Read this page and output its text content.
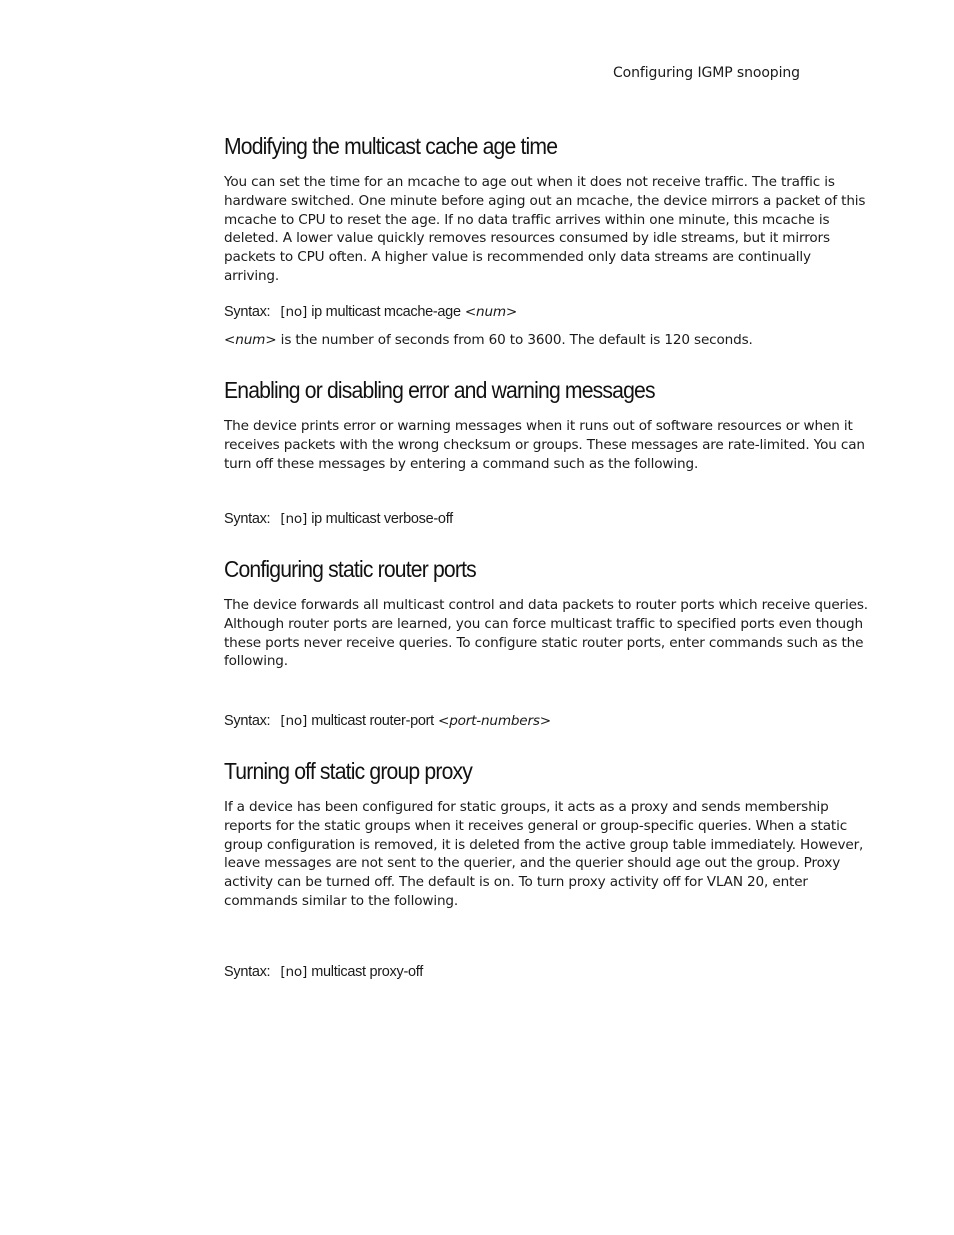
Configuring IGMP snooping
Modifying the multicast cache age time

You can set the time for an mcache to age out when it does not receive traffic. The traffic is hardware switched. One minute before aging out an mcache, the device mirrors a packet of this mcache to CPU to reset the age. If no data traffic arrives within one minute, this mcache is deleted. A lower value quickly removes resources consumed by idle streams, but it mirrors packets to CPU often. A higher value is recommended only data streams are continually arriving.

Syntax: [no] ip multicast mcache-age <num>
<num> is the number of seconds from 60 to 3600. The default is 120 seconds.
Enabling or disabling error and warning messages

The device prints error or warning messages when it runs out of software resources or when it receives packets with the wrong checksum or groups. These messages are rate-limited. You can turn off these messages by entering a command such as the following.

Syntax: [no] ip multicast verbose-off
Configuring static router ports

The device forwards all multicast control and data packets to router ports which receive queries. Although router ports are learned, you can force multicast traffic to specified ports even though these ports never receive queries. To configure static router ports, enter commands such as the following.

Syntax: [no] multicast router-port <port-numbers>
Turning off static group proxy

If a device has been configured for static groups, it acts as a proxy and sends membership reports for the static groups when it receives general or group-specific queries. When a static group configuration is removed, it is deleted from the active group table immediately. However, leave messages are not sent to the querier, and the querier should age out the group. Proxy activity can be turned off. The default is on. To turn proxy activity off for VLAN 20, enter commands similar to the following.

Syntax: [no] multicast proxy-off
